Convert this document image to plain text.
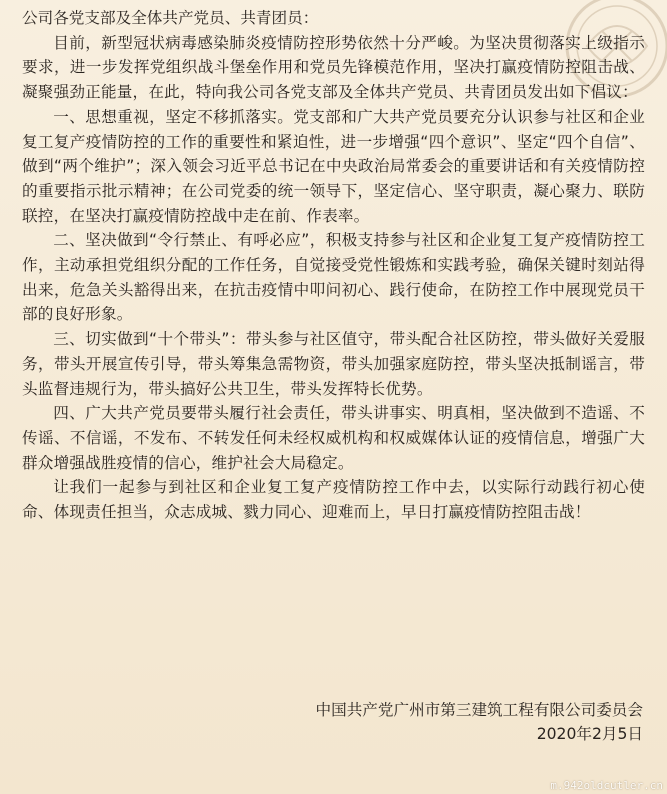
公司各党支部及全体共产党员、共青团员：

目前，新型冠状病毒感染肺炎疫情防控形势依然十分严峻。为坚决贯彻落实上级指示要求，进一步发挥党组织战斗堡垒作用和党员先锋模范作用，坚决打赢疫情防控阻击战、凝聚强劲正能量，在此，特向我公司各党支部及全体共产党员、共青团员发出如下倡议：

一、思想重视，坚定不移抓落实。党支部和广大共产党员要充分认识参与社区和企业复工复产疫情防控的工作的重要性和紧迫性，进一步增强“四个意识”、坚定“四个自信”、做到“两个维护”；深入领会习近平总书记在中央政治局常委会的重要讲话和有关疫情防控的重要指示批示精神；在公司党委的统一领导下，坚定信心、坚守职责，凝心聚力、联防联控，在坚决打赢疫情防控战中走在前、作表率。

二、坚决做到“令行禁止、有呼必应”，积极支持参与社区和企业复工复产疫情防控工作，主动承担党组织分配的工作任务，自觉接受党性锻炼和实践考验，确保关键时刻站得出来，危急关头豁得出来，在抗击疫情中叩问初心、践行使命，在防控工作中展现党员干部的良好形象。

三、切实做到“十个带头”：带头参与社区值守，带头配合社区防控，带头做好关爱服务，带头开展宣传引导，带头筹集急需物资，带头加强家庭防控，带头坚决抵制谣言，带头监督违规行为，带头搞好公共卫生，带头发挥特长优势。

四、广大共产党员要带头履行社会责任，带头讲事实、明真相，坚决做到不造谣、不传谣、不信谣，不发布、不转发任何未经权威机构和权威媒体认证的疫情信息，增强广大群众增强战胜疫情的信心，维护社会大局稳定。

让我们一起参与到社区和企业复工复产疫情防控工作中去，以实际行动践行初心使命、体现责任担当，众志成城、戮力同心、迎难而上，早日打赢疫情防控阻击战！

中国共产党广州市第三建筑工程有限公司委员会
2020年2月5日
m.942oldcutler.cn
